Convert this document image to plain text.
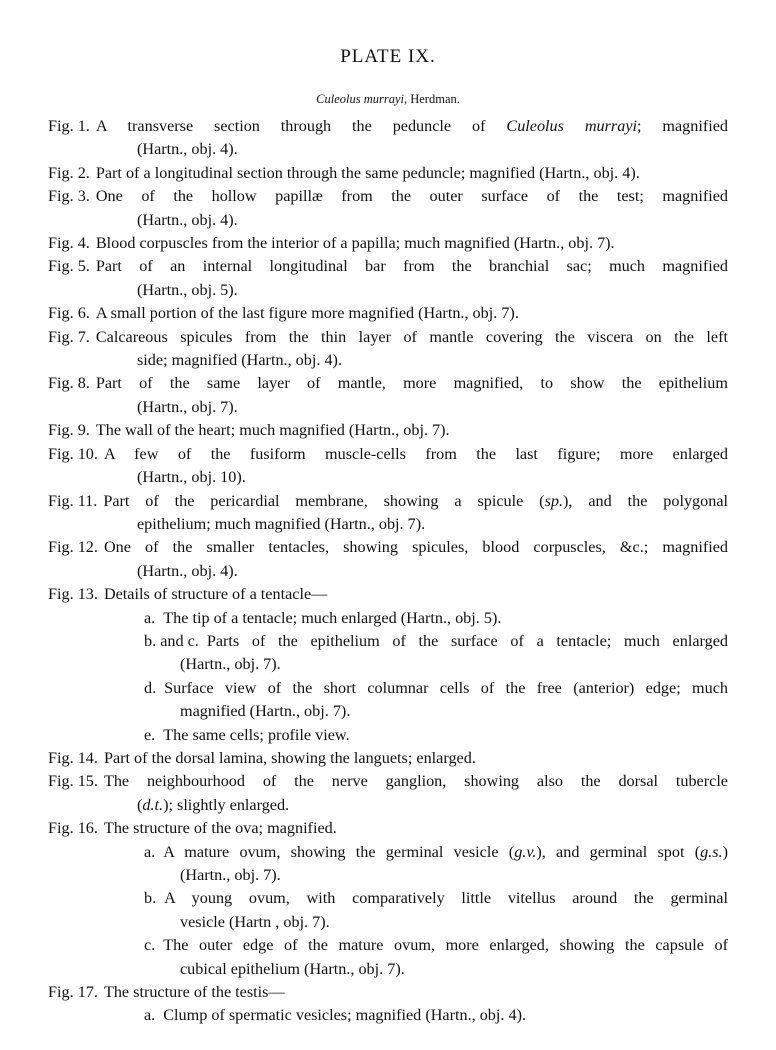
PLATE IX.
Culeolus murrayi, Herdman.
Fig. 1. A transverse section through the peduncle of Culeolus murrayi; magnified
(Hartn., obj. 4).
Fig. 2. Part of a longitudinal section through the same peduncle; magnified (Hartn., obj. 4).
Fig. 3. One of the hollow papillæ from the outer surface of the test; magnified
(Hartn., obj. 4).
Fig. 4. Blood corpuscles from the interior of a papilla; much magnified (Hartn., obj. 7).
Fig. 5. Part of an internal longitudinal bar from the branchial sac; much magnified
(Hartn., obj. 5).
Fig. 6. A small portion of the last figure more magnified (Hartn., obj. 7).
Fig. 7. Calcareous spicules from the thin layer of mantle covering the viscera on the left
side; magnified (Hartn., obj. 4).
Fig. 8. Part of the same layer of mantle, more magnified, to show the epithelium
(Hartn., obj. 7).
Fig. 9. The wall of the heart; much magnified (Hartn., obj. 7).
Fig. 10. A few of the fusiform muscle-cells from the last figure; more enlarged
(Hartn., obj. 10).
Fig. 11. Part of the pericardial membrane, showing a spicule (sp.), and the polygonal
epithelium; much magnified (Hartn., obj. 7).
Fig. 12. One of the smaller tentacles, showing spicules, blood corpuscles, &c.; magnified
(Hartn., obj. 4).
Fig. 13. Details of structure of a tentacle—
a. The tip of a tentacle; much enlarged (Hartn., obj. 5).
b. and c. Parts of the epithelium of the surface of a tentacle; much enlarged
(Hartn., obj. 7).
d. Surface view of the short columnar cells of the free (anterior) edge; much
magnified (Hartn., obj. 7).
e. The same cells; profile view.
Fig. 14. Part of the dorsal lamina, showing the languets; enlarged.
Fig. 15. The neighbourhood of the nerve ganglion, showing also the dorsal tubercle
(d.t.); slightly enlarged.
Fig. 16. The structure of the ova; magnified.
a. A mature ovum, showing the germinal vesicle (g.v.), and germinal spot (g.s.)
(Hartn., obj. 7).
b. A young ovum, with comparatively little vitellus around the germinal
vesicle (Hartn , obj. 7).
c. The outer edge of the mature ovum, more enlarged, showing the capsule of
cubical epithelium (Hartn., obj. 7).
Fig. 17. The structure of the testis—
a. Clump of spermatic vesicles; magnified (Hartn., obj. 4).
